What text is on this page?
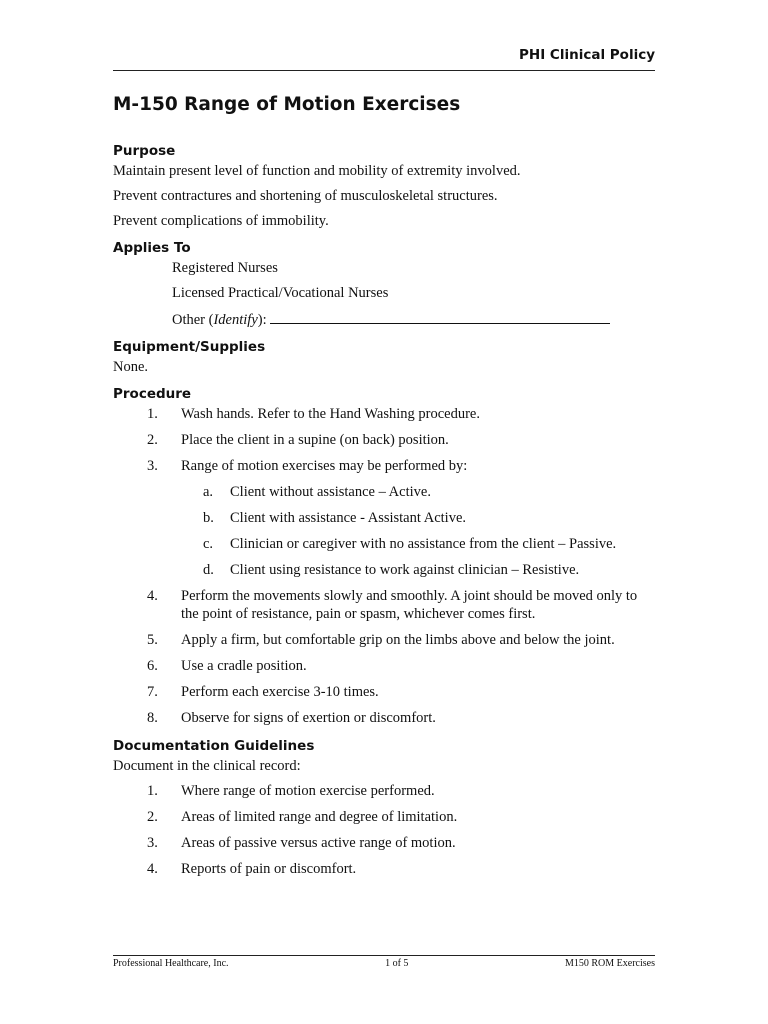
PHI Clinical Policy
M-150 Range of Motion Exercises
Purpose

Maintain present level of function and mobility of extremity involved.

Prevent contractures and shortening of musculoskeletal structures.

Prevent complications of immobility.

Applies To

Registered Nurses

Licensed Practical/Vocational Nurses

Other (Identify):

Equipment/Supplies

None.

Procedure
1. Wash hands. Refer to the Hand Washing procedure.
2. Place the client in a supine (on back) position.
3. Range of motion exercises may be performed by:
a. Client without assistance – Active.
b. Client with assistance - Assistant Active.
c. Clinician or caregiver with no assistance from the client – Passive.
d. Client using resistance to work against clinician – Resistive.
4. Perform the movements slowly and smoothly. A joint should be moved only to the point of resistance, pain or spasm, whichever comes first.
5. Apply a firm, but comfortable grip on the limbs above and below the joint.
6. Use a cradle position.
7. Perform each exercise 3-10 times.
8. Observe for signs of exertion or discomfort.
Documentation Guidelines

Document in the clinical record:

1. Where range of motion exercise performed.
2. Areas of limited range and degree of limitation.
3. Areas of passive versus active range of motion.
4. Reports of pain or discomfort.
Professional Healthcare, Inc.	1 of 5	M150 ROM Exercises
